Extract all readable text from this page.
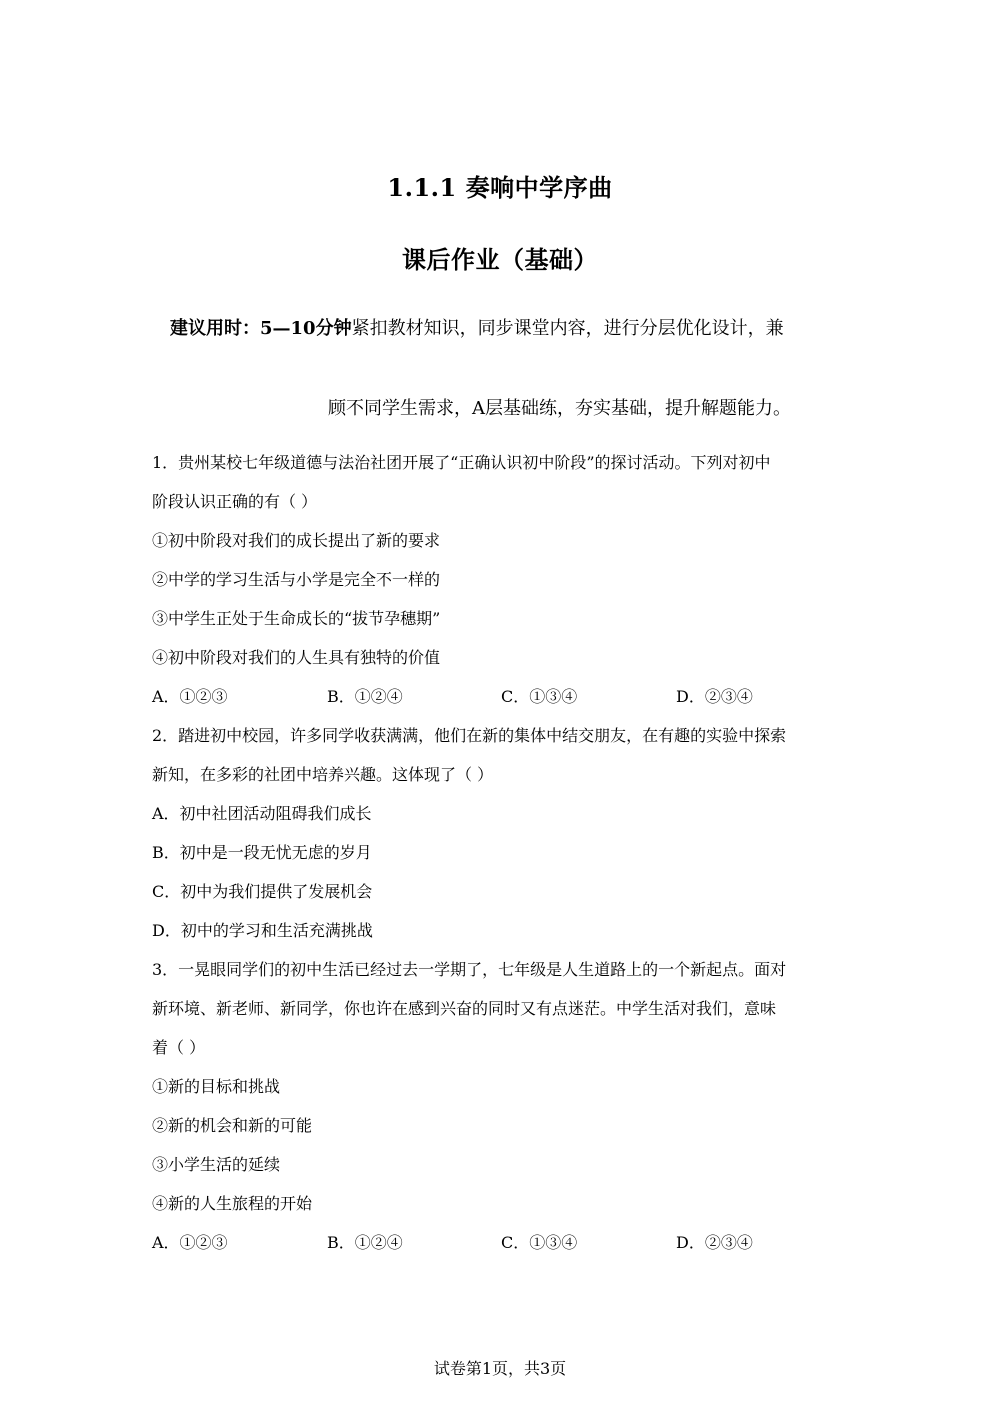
1.1.1 奏响中学序曲
课后作业（基础）
建议用时：5—10分钟紧扣教材知识，同步课堂内容，进行分层优化设计，兼
顾不同学生需求，A层基础练，夯实基础，提升解题能力。
1．贵州某校七年级道德与法治社团开展了“正确认识初中阶段”的探讨活动。下列对初中
阶段认识正确的有（ ）
①初中阶段对我们的成长提出了新的要求
②中学的学习生活与小学是完全不一样的
③中学生正处于生命成长的“拔节孕穗期”
④初中阶段对我们的人生具有独特的价值
A．①②③	B．①②④	C．①③④	D．②③④
2．踏进初中校园，许多同学收获满满，他们在新的集体中结交朋友，在有趣的实验中探索
新知，在多彩的社团中培养兴趣。这体现了（ ）
A．初中社团活动阻碍我们成长
B．初中是一段无忧无虑的岁月
C．初中为我们提供了发展机会
D．初中的学习和生活充满挑战
3．一晃眼同学们的初中生活已经过去一学期了，七年级是人生道路上的一个新起点。面对
新环境、新老师、新同学，你也许在感到兴奋的同时又有点迷茫。中学生活对我们，意味
着（ ）
①新的目标和挑战
②新的机会和新的可能
③小学生活的延续
④新的人生旅程的开始
A．①②③	B．①②④	C．①③④	D．②③④
试卷第1页，共3页
